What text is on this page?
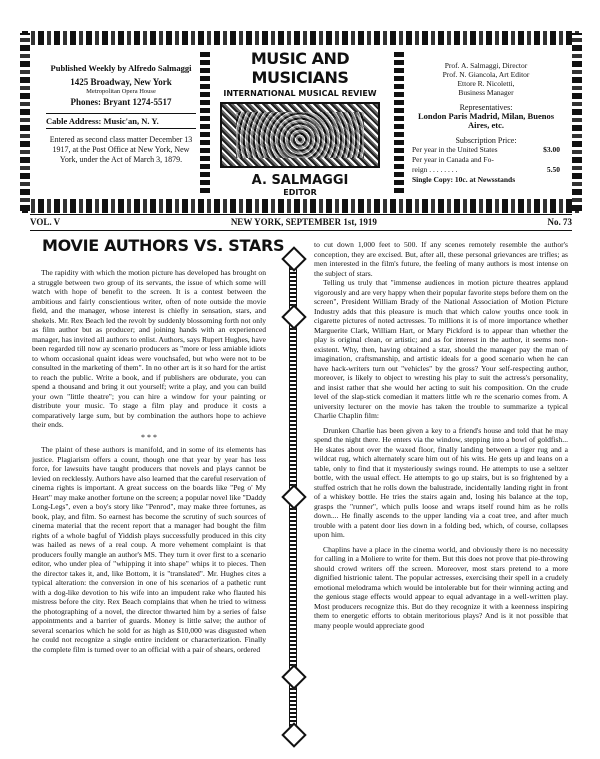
Published Weekly by Alfredo Salmaggi
1425 Broadway, New York
Metropolitan Opera House
Phones: Bryant 1274-5517
Cable Address: Music'an, N. Y.
Entered as second class matter December 13 1917, at the Post Office at New York, New York, under the Act of March 3, 1879.
MUSIC AND MUSICIANS
INTERNATIONAL MUSICAL REVIEW
A. SALMAGGI
EDITOR
Prof. A. Salmaggi, Director
Prof. N. Giancola, Art Editor
Ettore R. Nicoletti,
Business Manager
Representatives:
London Paris Madrid, Milan, Buenos Aires, etc.
Subscription Price:
Per year in the United States	$3.00
Per year in Canada and Fo-
reign . . . . . . . .	5.50
Single Copy: 10c. at Newsstands
VOL. V	NEW YORK, SEPTEMBER 1st, 1919	No. 73
MOVIE AUTHORS VS. STARS

The rapidity with which the motion picture has developed has brought on a struggle between two group of its servants, the issue of which some will watch with hope of benefit to the screen. It is a contest between the ambitious and fairly conscientious writer, often of note outside the movie field, and the manager, whose interest is chiefly in sensation, stars, and shekels. Mr. Rex Beach led the revolt by suddenly blossoming forth not only as film author but as producer; and joining hands with an experienced manager, has invited all authors to enlist. Authors, says Rupert Hughes, have been regarded till now ay scenario producers as "more or less amiable idiots to whom occasional quaint ideas were vouchsafed, but who were not to be consulted in the marketing of them". In no other art is it so hard for the artist to reach the public. Write a book, and if publishers are obdurate, you can spend a thousand and bring it out yourself; write a play, and you can build your own "little theatre"; you can hire a window for your painting or distribute your music. To stage a film play and produce it costs a comparatively large sum, but by combination the authors hope to achieve their ends.

* * *

The plaint of these authors is manifold, and in some of its elements has justice. Plagiarism offers a count, though one that year by year has less force, for lawsuits have taught producers that novels and plays cannot be levied on recklessly. Authors have also learned that the careful reservation of cinema rights is important. A great success on the boards like "Peg o' My Heart" may make another fortune on the screen; a popular novel like "Daddy Long-Legs", even a boy's story like "Penrod", may make three fortunes, as book, play, and film. So earnest has become the scrutiny of such sources of cinema material that the recent report that a manager had bought the film rights of a whole bagful of Yiddish plays successfully produced in this city was hailed as news of a real coup. A more vehement complaint is that producers foully mangle an author's MS. They turn it over first to a scenario editor, who under plea of "whipping it into shape" whips it to pieces. Then the director takes it, and, like Bottom, it is "translated". Mr. Hughes cites a typical alteration: the conversion in one of his scenarios of a pathetic runt with a dog-like devotion to his wife into an impudent rake who flauted his mistress before the city. Rex Beach complains that when he tried to witness the photographing of a novel, the director thwarted him by a series of false appointments and a barrier of guards. Money is little salve; the author of several scenarios which he sold for as high as $10,000 was disgusted when he could not recognize a single entire incident or characterization. Finally the complete film is turned over to an official with a pair of shears, ordered

to cut down 1,000 feet to 500. If any scenes remotely resemble the author's conception, they are excised. But, after all, these personal grievances are trifles; as men interested in the film's future, the feeling of many authors is most intense on the subject of stars.

Telling us truly that "immense audiences in motion picture theatres applaud vigorously and are very happy when their popular favorite steps before them on the screen", President William Brady of the National Association of Motion Picture Industry adds that this pleasure is much that which calow youths once took in cigarette pictures of noted actresses. To millions it is of more importance whether Marguerite Clark, William Hart, or Mary Pickford is to appear than whether the play is original clean, or artistic; and as for interest in the author, it seems non-existent. Why, then, having obtained a star, should the manager pay the man of imagination, craftsmanship, and artistic ideals for a good scenario when he can have hack-writers turn out "vehicles" by the gross? Your self-respecting author, moreover, is likely to object to wresting his play to suit the actress's personality, and insist rather that she would her acting to suit his composition. On the crude level of the slap-stick comedian it matters little wh re the scenario comes from. A university lecturer on the movie has taken the trouble to summarize a typical Charlie Chaplin film:

Drunken Charlie has been given a key to a friend's house and told that he may spend the night there. He enters via the window, stepping into a bowl of goldfish... He skates about over the waxed floor, finally landing between a tiger rug and a wildcat rug, which alternately scare him out of his wits. He gets up and leans on a table, only to find that it mysteriously swings round. He attempts to use a seltzer bottle, with the usual effect. He attempts to go up stairs, but is so frightened by a stuffed ostrich that he rolls down the balustrade, incidentally landing right in front of a whiskey bottle. He tries the stairs again and, losing his balance at the top, grasps the "runner", which pulls loose and wraps itself round him as he rolls down.... He finally ascends to the upper landing via a coat tree, and after much trouble with a patent door lies down in a folding bed, which, of course, collapses upon him.

Chaplins have a place in the cinema world, and obviously there is no necessity for calling in a Moliere to write for them. But this does not prove that pie-throwing should crowd writers off the screen. Moreover, most stars pretend to a more dignified histrionic talent. The popular actresses, exercising their spell in a crudely emotional melodrama which would be intolerable but for their winning acting and the genious stage effects would appear to equal advantage in a well-written play. Most producers recognize this. But do they recognize it with a keenness inspiring them to energetic efforts to obtain meritorious plays? And is it not possible that many people would appreciate good
